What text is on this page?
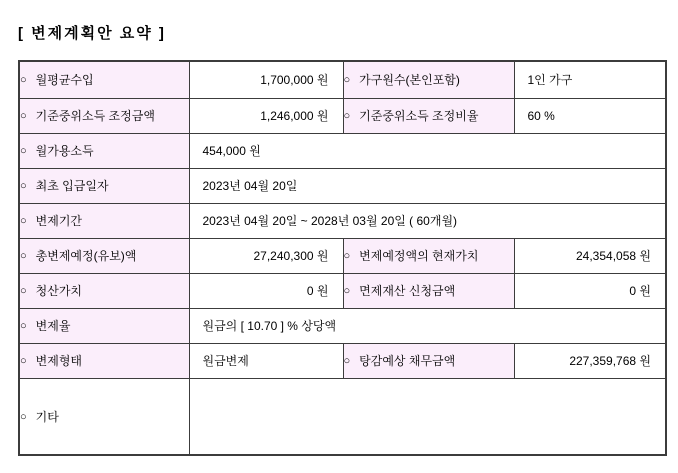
[ 변제계획안 요약 ]
○ 월평균수입	1,700,000 원	○ 가구원수(본인포함)	1인 가구
○ 기준중위소득 조정금액	1,246,000 원	○ 기준중위소득 조정비율	60 %
○ 월가용소득	454,000 원		
○ 최초 입금일자	2023년 04월 20일		
○ 변제기간	2023년 04월 20일 ~ 2028년 03월 20일 ( 60개월)		
○ 총변제예정(유보)액	27,240,300 원	○ 변제예정액의 현재가치	24,354,058 원
○ 청산가치	0 원	○ 면제재산 신청금액	0 원
○ 변제율	원금의 [ 10.70 ] % 상당액		
○ 변제형태	원금변제	○ 탕감예상 채무금액	227,359,768 원
○ 기타			
